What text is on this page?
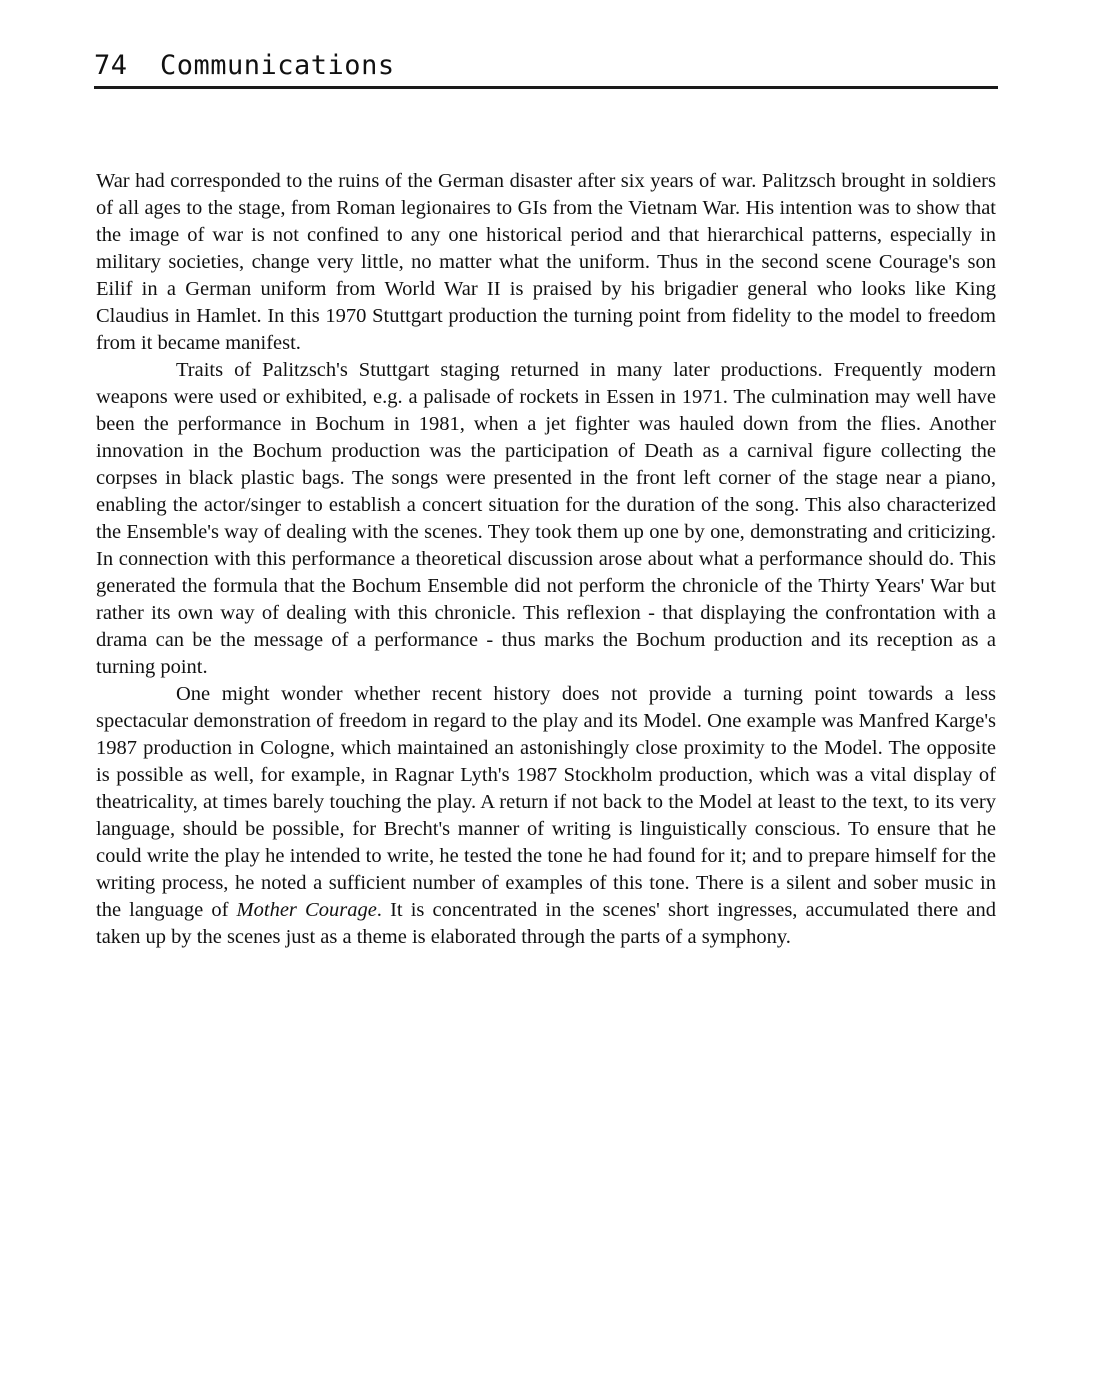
74 Communications

War had corresponded to the ruins of the German disaster after six years of war. Palitzsch brought in soldiers of all ages to the stage, from Roman legionaires to GIs from the Vietnam War. His intention was to show that the image of war is not confined to any one historical period and that hierarchical patterns, especially in military societies, change very little, no matter what the uniform. Thus in the second scene Courage's son Eilif in a German uniform from World War II is praised by his brigadier general who looks like King Claudius in Hamlet. In this 1970 Stuttgart production the turning point from fidelity to the model to freedom from it became manifest.

Traits of Palitzsch's Stuttgart staging returned in many later productions. Frequently modern weapons were used or exhibited, e.g. a palisade of rockets in Essen in 1971. The culmination may well have been the performance in Bochum in 1981, when a jet fighter was hauled down from the flies. Another innovation in the Bochum production was the participation of Death as a carnival figure collecting the corpses in black plastic bags. The songs were presented in the front left corner of the stage near a piano, enabling the actor/singer to establish a concert situation for the duration of the song. This also characterized the Ensemble's way of dealing with the scenes. They took them up one by one, demonstrating and criticizing. In connection with this performance a theoretical discussion arose about what a performance should do. This generated the formula that the Bochum Ensemble did not perform the chronicle of the Thirty Years' War but rather its own way of dealing with this chronicle. This reflexion - that displaying the confrontation with a drama can be the message of a performance - thus marks the Bochum production and its reception as a turning point.

One might wonder whether recent history does not provide a turning point towards a less spectacular demonstration of freedom in regard to the play and its Model. One example was Manfred Karge's 1987 production in Cologne, which maintained an astonishingly close proximity to the Model. The opposite is possible as well, for example, in Ragnar Lyth's 1987 Stockholm production, which was a vital display of theatricality, at times barely touching the play. A return if not back to the Model at least to the text, to its very language, should be possible, for Brecht's manner of writing is linguistically conscious. To ensure that he could write the play he intended to write, he tested the tone he had found for it; and to prepare himself for the writing process, he noted a sufficient number of examples of this tone. There is a silent and sober music in the language of Mother Courage. It is concentrated in the scenes' short ingresses, accumulated there and taken up by the scenes just as a theme is elaborated through the parts of a symphony.
